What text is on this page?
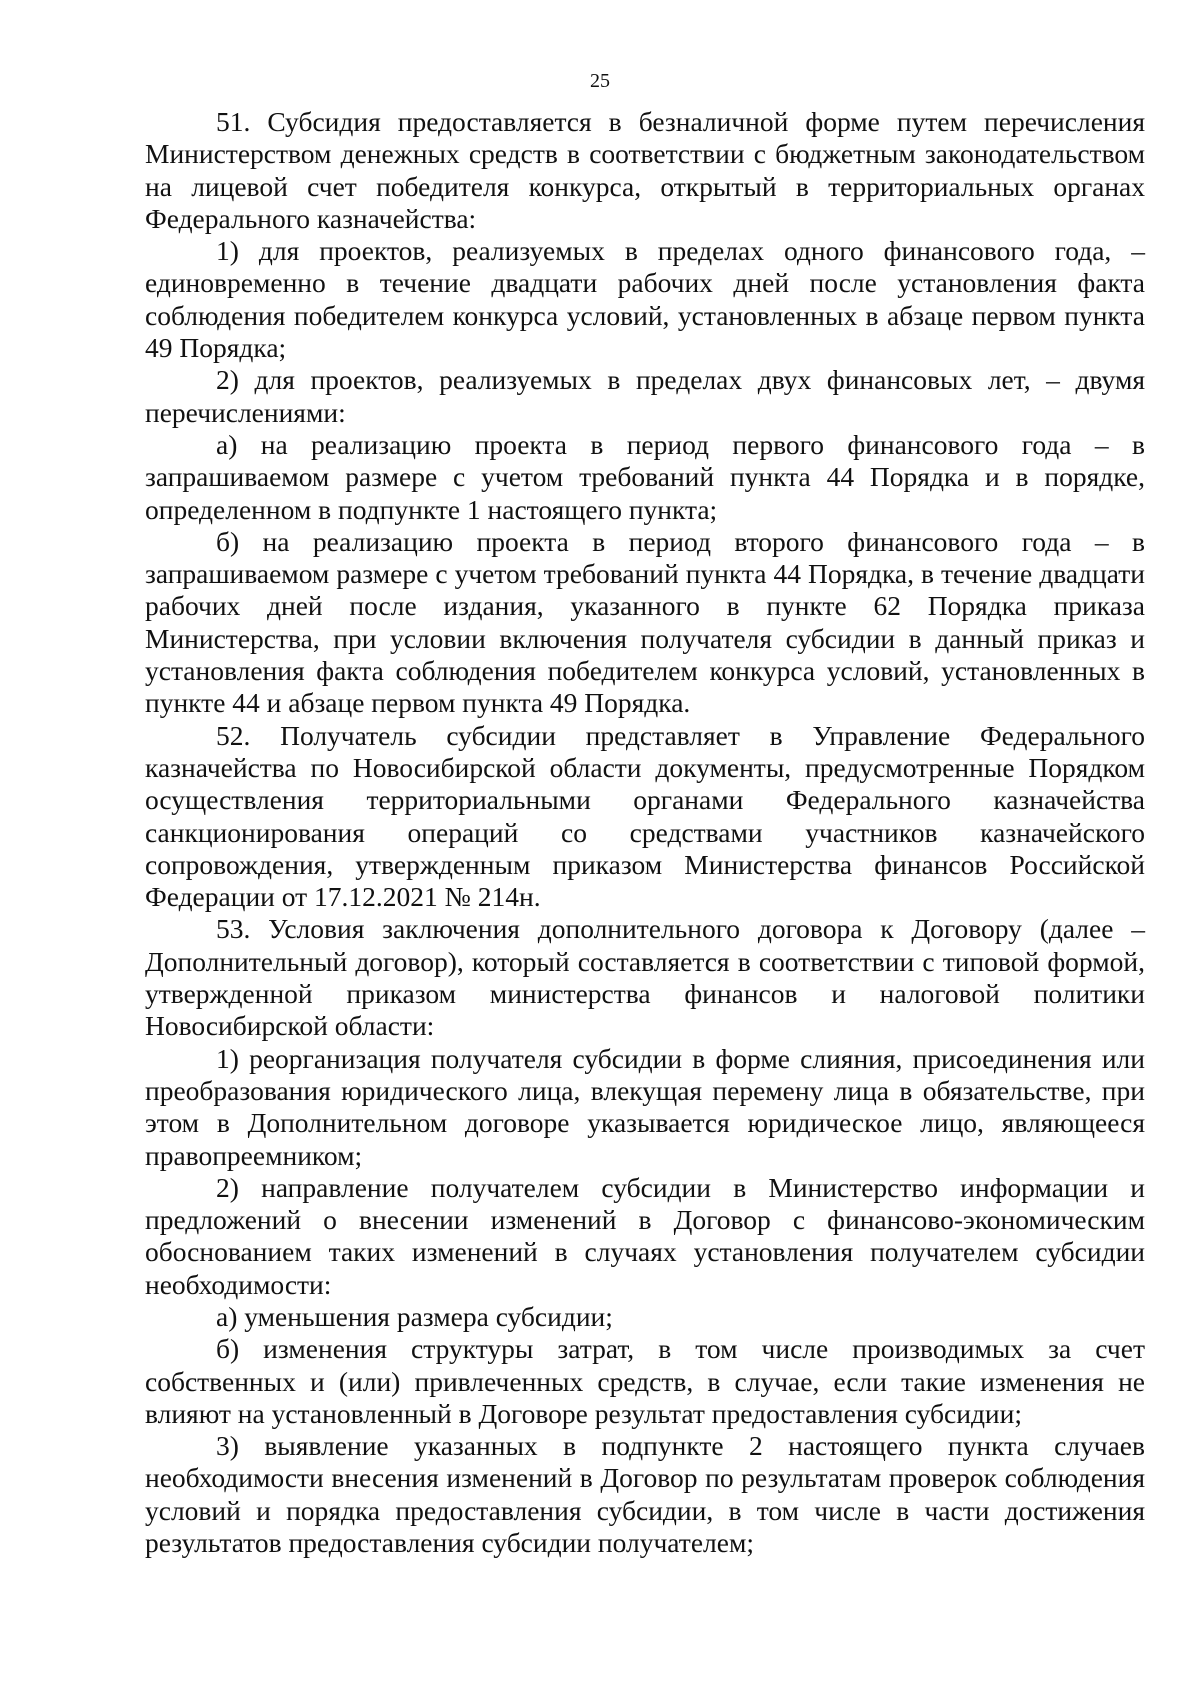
25

51. Субсидия предоставляется в безналичной форме путем перечисления Министерством денежных средств в соответствии с бюджетным законодательством на лицевой счет победителя конкурса, открытый в территориальных органах Федерального казначейства:

1) для проектов, реализуемых в пределах одного финансового года, – единовременно в течение двадцати рабочих дней после установления факта соблюдения победителем конкурса условий, установленных в абзаце первом пункта 49 Порядка;

2) для проектов, реализуемых в пределах двух финансовых лет, – двумя перечислениями:

а) на реализацию проекта в период первого финансового года – в запрашиваемом размере с учетом требований пункта 44 Порядка и в порядке, определенном в подпункте 1 настоящего пункта;

б) на реализацию проекта в период второго финансового года – в запрашиваемом размере с учетом требований пункта 44 Порядка, в течение двадцати рабочих дней после издания, указанного в пункте 62 Порядка приказа Министерства, при условии включения получателя субсидии в данный приказ и установления факта соблюдения победителем конкурса условий, установленных в пункте 44 и абзаце первом пункта 49 Порядка.

52. Получатель субсидии представляет в Управление Федерального казначейства по Новосибирской области документы, предусмотренные Порядком осуществления территориальными органами Федерального казначейства санкционирования операций со средствами участников казначейского сопровождения, утвержденным приказом Министерства финансов Российской Федерации от 17.12.2021 № 214н.

53. Условия заключения дополнительного договора к Договору (далее – Дополнительный договор), который составляется в соответствии с типовой формой, утвержденной приказом министерства финансов и налоговой политики Новосибирской области:

1) реорганизация получателя субсидии в форме слияния, присоединения или преобразования юридического лица, влекущая перемену лица в обязательстве, при этом в Дополнительном договоре указывается юридическое лицо, являющееся правопреемником;

2) направление получателем субсидии в Министерство информации и предложений о внесении изменений в Договор с финансово-экономическим обоснованием таких изменений в случаях установления получателем субсидии необходимости:

а) уменьшения размера субсидии;

б) изменения структуры затрат, в том числе производимых за счет собственных и (или) привлеченных средств, в случае, если такие изменения не влияют на установленный в Договоре результат предоставления субсидии;

3) выявление указанных в подпункте 2 настоящего пункта случаев необходимости внесения изменений в Договор по результатам проверок соблюдения условий и порядка предоставления субсидии, в том числе в части достижения результатов предоставления субсидии получателем;
